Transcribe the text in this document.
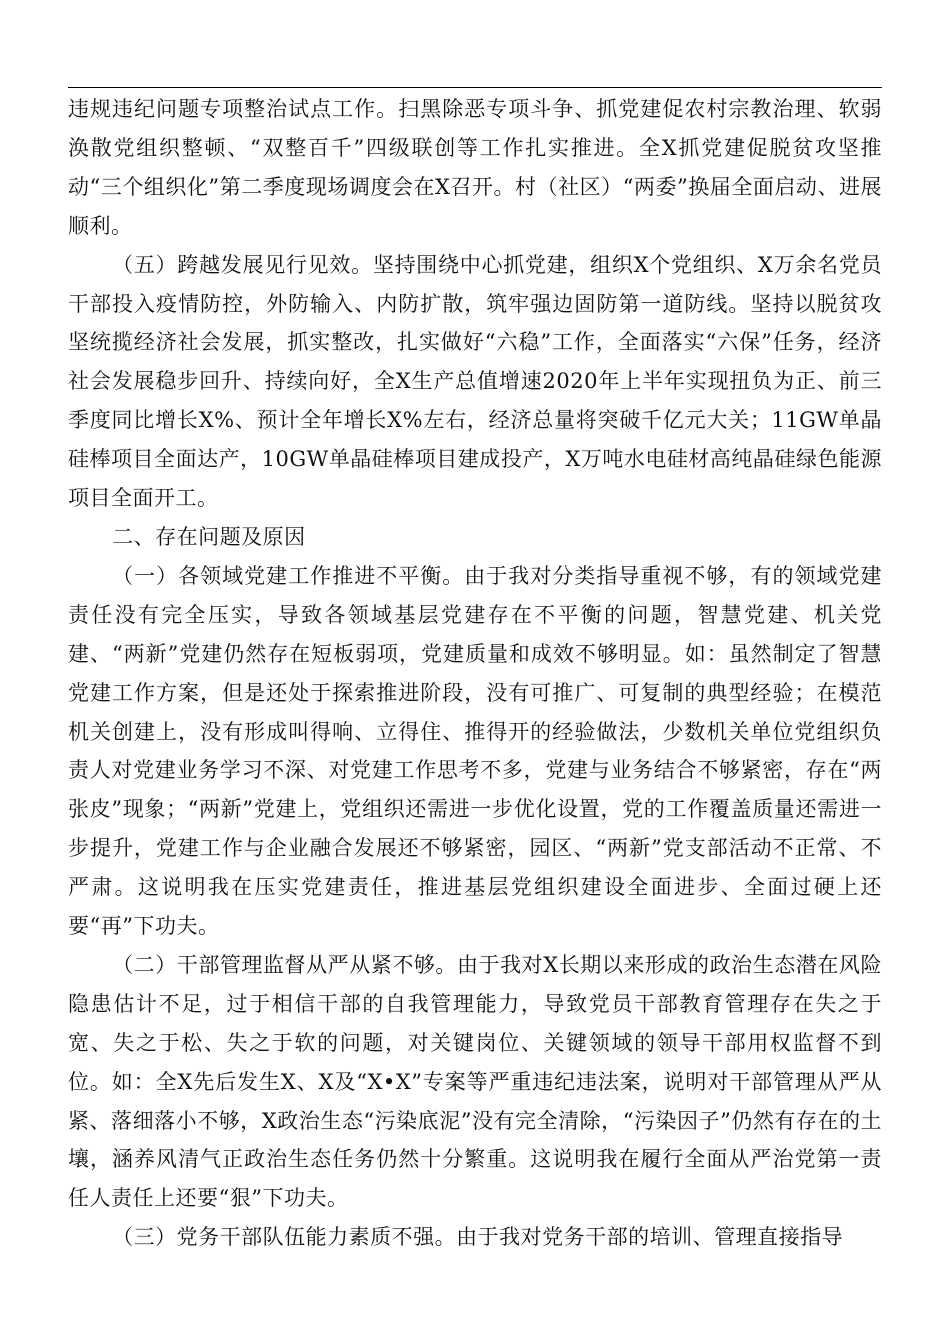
违规违纪问题专项整治试点工作。扫黑除恶专项斗争、抓党建促农村宗教治理、软弱涣散党组织整顿、“双整百千”四级联创等工作扎实推进。全X抓党建促脱贫攻坚推动“三个组织化”第二季度现场调度会在X召开。村（社区）“两委”换届全面启动、进展顺利。

（五）跨越发展见行见效。坚持围绕中心抓党建，组织X个党组织、X万余名党员干部投入疫情防控，外防输入、内防扩散，筑牢强边固防第一道防线。坚持以脱贫攻坚统揽经济社会发展，抓实整改，扎实做好“六稳”工作，全面落实“六保”任务，经济社会发展稳步回升、持续向好，全X生产总值增速2020年上半年实现扭负为正、前三季度同比增长X%、预计全年增长X%左右，经济总量将突破千亿元大关；11GW单晶硅棒项目全面达产，10GW单晶硅棒项目建成投产，X万吨水电硅材高纯晶硅绿色能源项目全面开工。

二、存在问题及原因

（一）各领域党建工作推进不平衡。由于我对分类指导重视不够，有的领域党建责任没有完全压实，导致各领域基层党建存在不平衡的问题，智慧党建、机关党建、“两新”党建仍然存在短板弱项，党建质量和成效不够明显。如：虽然制定了智慧党建工作方案，但是还处于探索推进阶段，没有可推广、可复制的典型经验；在模范机关创建上，没有形成叫得响、立得住、推得开的经验做法，少数机关单位党组织负责人对党建业务学习不深、对党建工作思考不多，党建与业务结合不够紧密，存在“两张皮”现象；“两新”党建上，党组织还需进一步优化设置，党的工作覆盖质量还需进一步提升，党建工作与企业融合发展还不够紧密，园区、“两新”党支部活动不正常、不严肃。这说明我在压实党建责任，推进基层党组织建设全面进步、全面过硬上还要“再”下功夫。

（二）干部管理监督从严从紧不够。由于我对X长期以来形成的政治生态潜在风险隐患估计不足，过于相信干部的自我管理能力，导致党员干部教育管理存在失之于宽、失之于松、失之于软的问题，对关键岗位、关键领域的领导干部用权监督不到位。如：全X先后发生X、X及“X•X”专案等严重违纪违法案，说明对干部管理从严从紧、落细落小不够，X政治生态“污染底泥”没有完全清除，“污染因子”仍然有存在的土壤，涵养风清气正政治生态任务仍然十分繁重。这说明我在履行全面从严治党第一责任人责任上还要“狠”下功夫。

（三）党务干部队伍能力素质不强。由于我对党务干部的培训、管理直接指导
